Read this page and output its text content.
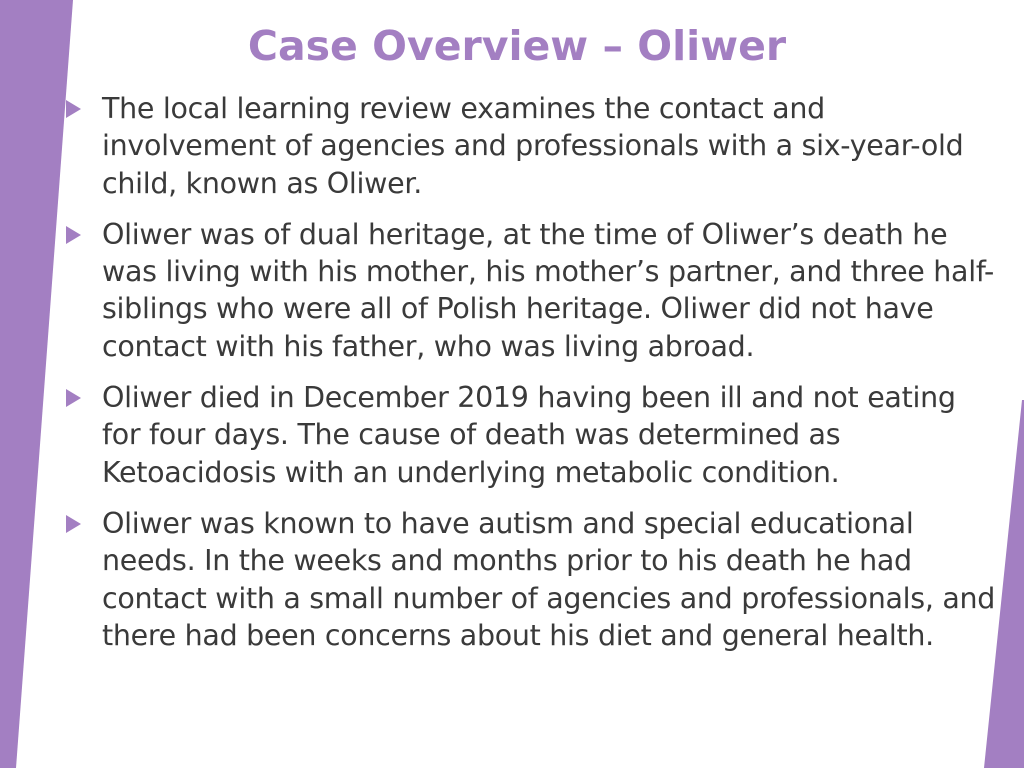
Case Overview – Oliwer
The local learning review examines the contact and involvement of agencies and professionals with a six-year-old child, known as Oliwer.
Oliwer was of dual heritage, at the time of Oliwer’s death he was living with his mother, his mother’s partner, and three half-siblings who were all of Polish heritage. Oliwer did not have contact with his father, who was living abroad.
Oliwer died in December 2019 having been ill and not eating for four days. The cause of death was determined as Ketoacidosis with an underlying metabolic condition.
Oliwer was known to have autism and special educational needs. In the weeks and months prior to his death he had contact with a small number of agencies and professionals, and there had been concerns about his diet and general health.
